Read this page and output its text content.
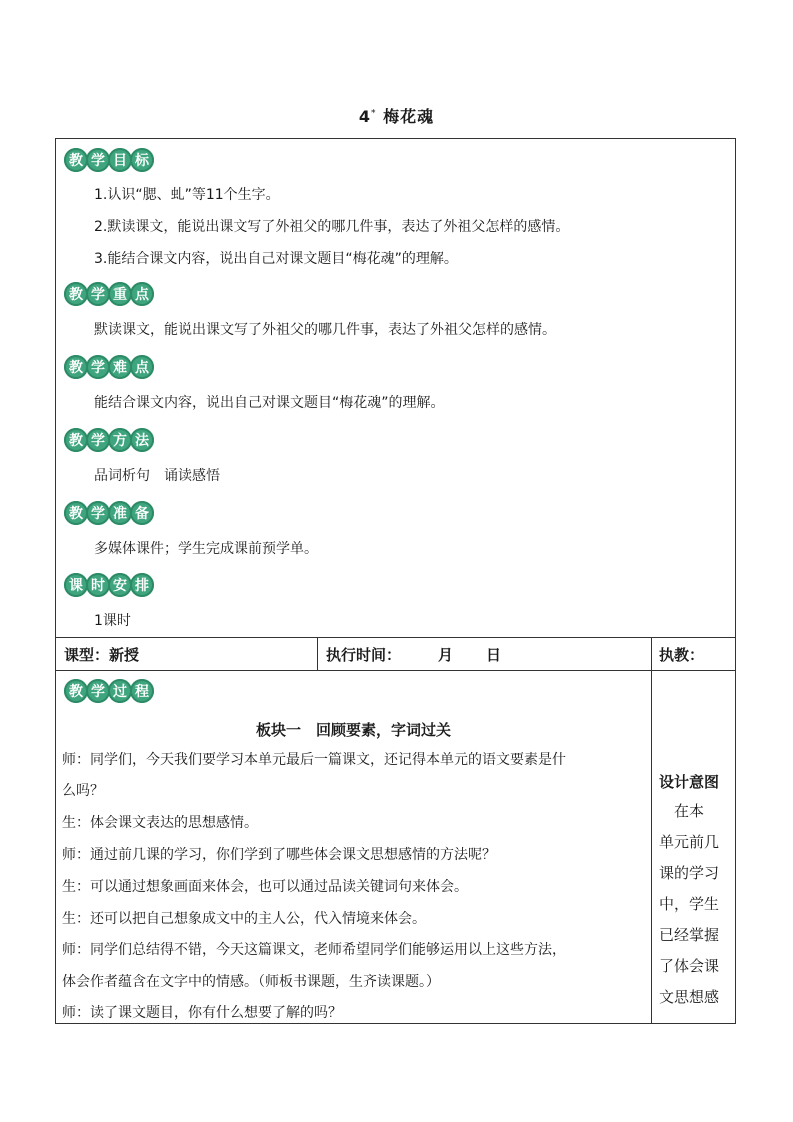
4* 梅花魂
教 学 目 标
1.认识“腮、虬”等11个生字。
2.默读课文，能说出课文写了外祖父的哪几件事，表达了外祖父怎样的感情。
3.能结合课文内容，说出自己对课文题目“梅花魂”的理解。
教 学 重 点
默读课文，能说出课文写了外祖父的哪几件事，表达了外祖父怎样的感情。
教 学 难 点
能结合课文内容，说出自己对课文题目“梅花魂”的理解。
教 学 方 法
品词析句　诵读感悟
教 学 准 备
多媒体课件；学生完成课前预学单。
课 时 安 排
1课时
课型：新授	执行时间： 月 日	执教：
教 学 过 程
板块一　回顾要素，字词过关
师：同学们，今天我们要学习本单元最后一篇课文，还记得本单元的语文要素是什
么吗？
生：体会课文表达的思想感情。
师：通过前几课的学习，你们学到了哪些体会课文思想感情的方法呢？
生：可以通过想象画面来体会，也可以通过品读关键词句来体会。
生：还可以把自己想象成文中的主人公，代入情境来体会。
师：同学们总结得不错，今天这篇课文，老师希望同学们能够运用以上这些方法，
体会作者蕴含在文字中的情感。（师板书课题，生齐读课题。）
师：读了课文题目，你有什么想要了解的吗？
设计意图
　在本
单元前几
课的学习
中，学生
已经掌握
了体会课
文思想感
